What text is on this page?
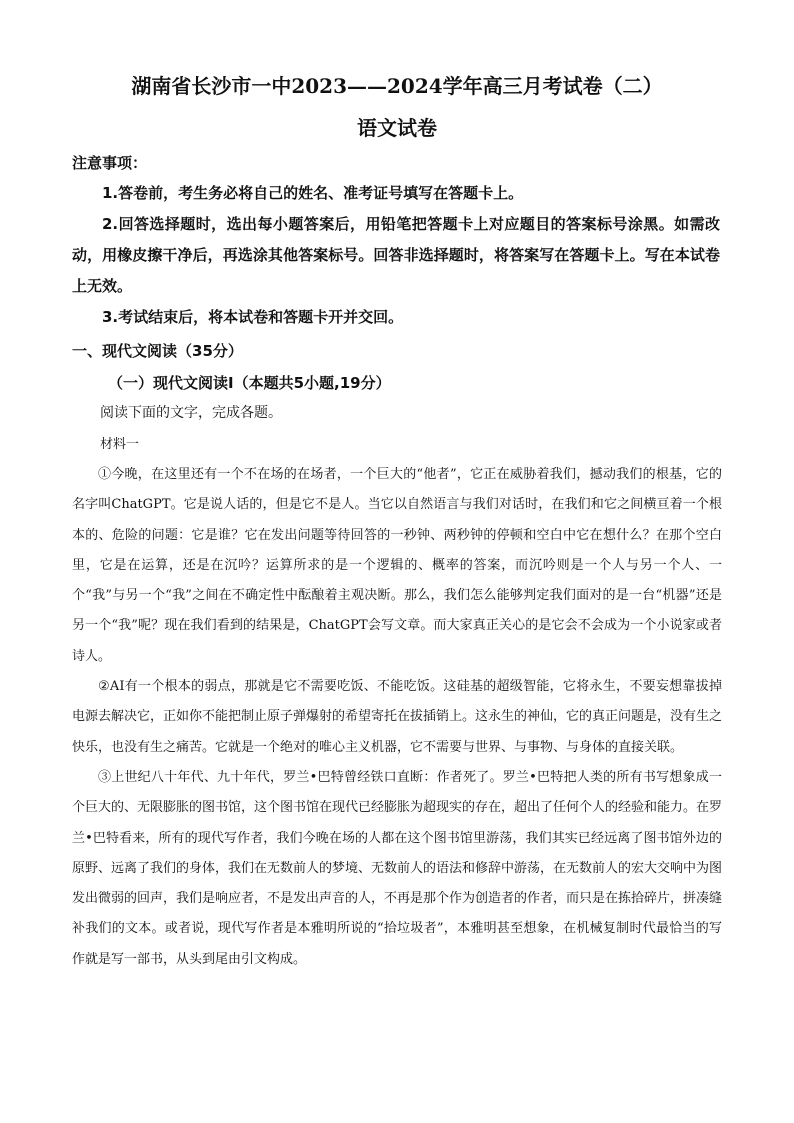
湖南省长沙市一中2023——2024学年高三月考试卷（二）
语文试卷
注意事项：

1.答卷前，考生务必将自己的姓名、准考证号填写在答题卡上。

2.回答选择题时，选出每小题答案后，用铅笔把答题卡上对应题目的答案标号涂黑。如需改动，用橡皮擦干净后，再选涂其他答案标号。回答非选择题时，将答案写在答题卡上。写在本试卷上无效。

3.考试结束后，将本试卷和答题卡开并交回。

一、现代文阅读（35分）
（一）现代文阅读Ⅰ（本题共5小题,19分）
阅读下面的文字，完成各题。
材料一

①今晚，在这里还有一个不在场的在场者，一个巨大的“他者”，它正在威胁着我们，撼动我们的根基，它的名字叫ChatGPT。它是说人话的，但是它不是人。当它以自然语言与我们对话时，在我们和它之间横亘着一个根本的、危险的问题：它是谁？它在发出问题等待回答的一秒钟、两秒钟的停顿和空白中它在想什么？在那个空白里，它是在运算，还是在沉吟？运算所求的是一个逻辑的、概率的答案，而沉吟则是一个人与另一个人、一个“我”与另一个“我”之间在不确定性中酝酿着主观决断。那么，我们怎么能够判定我们面对的是一台“机器”还是另一个“我”呢？现在我们看到的结果是，ChatGPT会写文章。而大家真正关心的是它会不会成为一个小说家或者诗人。

②AI有一个根本的弱点，那就是它不需要吃饭、不能吃饭。这硅基的超级智能，它将永生，不要妄想靠拔掉电源去解决它，正如你不能把制止原子弹爆射的希望寄托在拔插销上。这永生的神仙，它的真正问题是，没有生之快乐，也没有生之痛苦。它就是一个绝对的唯心主义机器，它不需要与世界、与事物、与身体的直接关联。

③上世纪八十年代、九十年代，罗兰•巴特曾经铁口直断：作者死了。罗兰•巴特把人类的所有书写想象成一个巨大的、无限膨胀的图书馆，这个图书馆在现代已经膨胀为超现实的存在，超出了任何个人的经验和能力。在罗兰•巴特看来，所有的现代写作者，我们今晚在场的人都在这个图书馆里游荡，我们其实已经远离了图书馆外边的原野、远离了我们的身体，我们在无数前人的梦境、无数前人的语法和修辞中游荡，在无数前人的宏大交响中为图发出微弱的回声，我们是响应者，不是发出声音的人，不再是那个作为创造者的作者，而只是在拣拾碎片，拼凑缝补我们的文本。或者说，现代写作者是本雅明所说的“拾垃圾者”，本雅明甚至想象，在机械复制时代最恰当的写作就是写一部书，从头到尾由引文构成。
